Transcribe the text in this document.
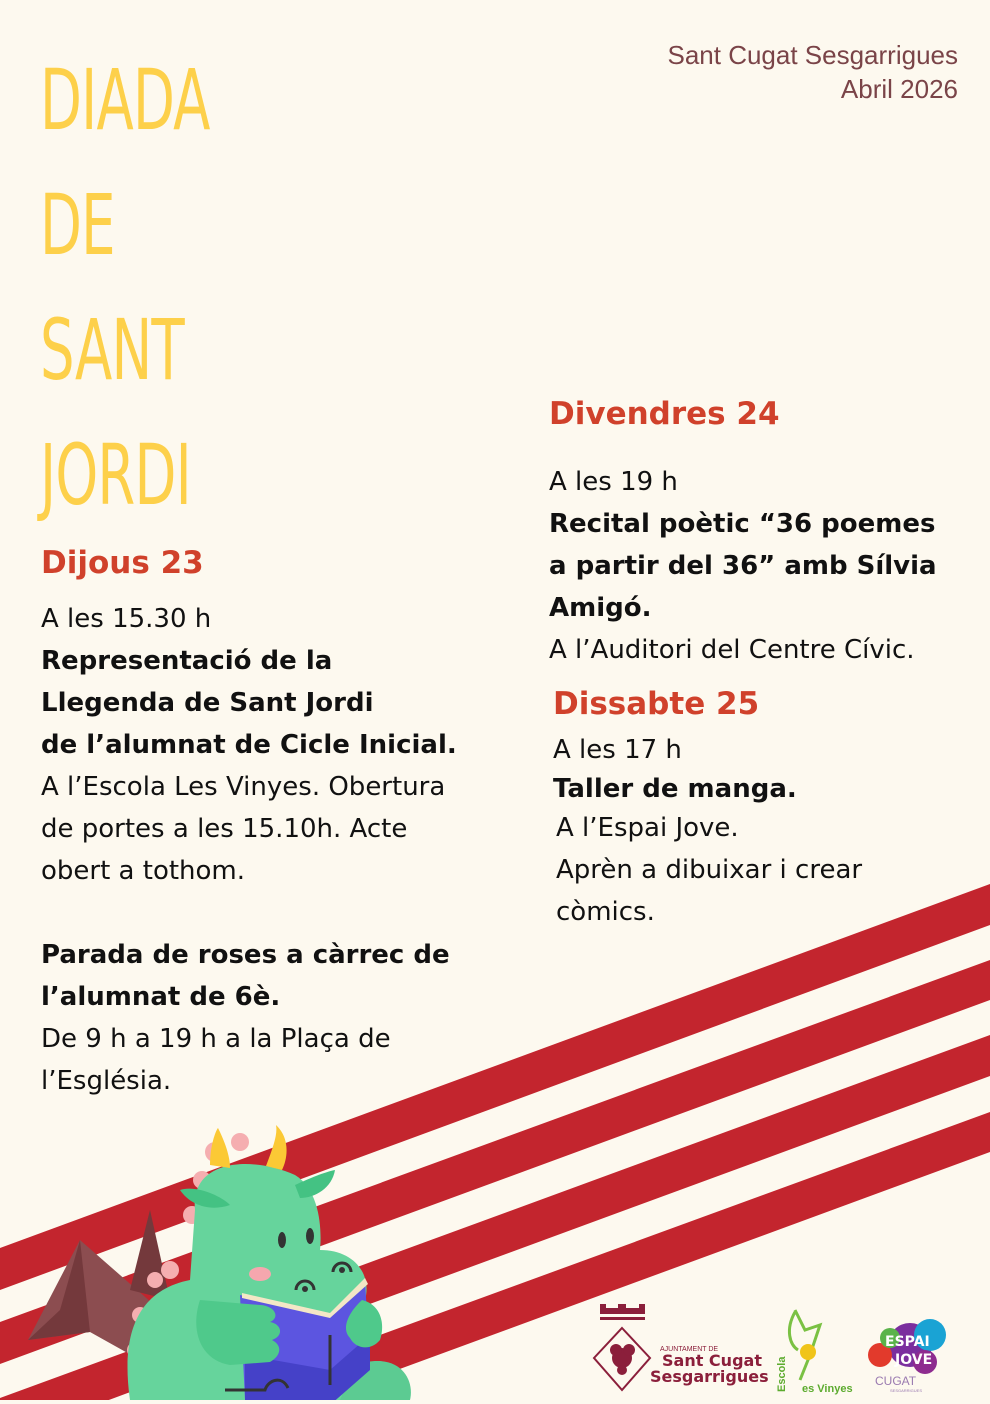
DIADA
DE
SANT
JORDI
Sant Cugat Sesgarrigues
Abril 2026

Dijous 23

A les 15.30 h

Representació de la

Llegenda de Sant Jordi

de l’alumnat de Cicle Inicial.

A l’Escola Les Vinyes. Obertura

de portes a les 15.10h. Acte

obert a tothom.

Parada de roses a càrrec de

l’alumnat de 6è.

De 9 h a 19 h a la Plaça de

l’Església.

Divendres 24

A les 19 h

Recital poètic “36 poemes

a partir del 36” amb Sílvia

Amigó.

A l’Auditori del Centre Cívic.

Dissabte 25

A les 17 h

Taller de manga.

A l’Espai Jove.

Aprèn a dibuixar i crear

còmics.

AJUNTAMENT DE
Sant Cugat
Sesgarrigues Escola es Vinyes
ESPAI
JOVE
CUGAT
SESGARRIGUES
